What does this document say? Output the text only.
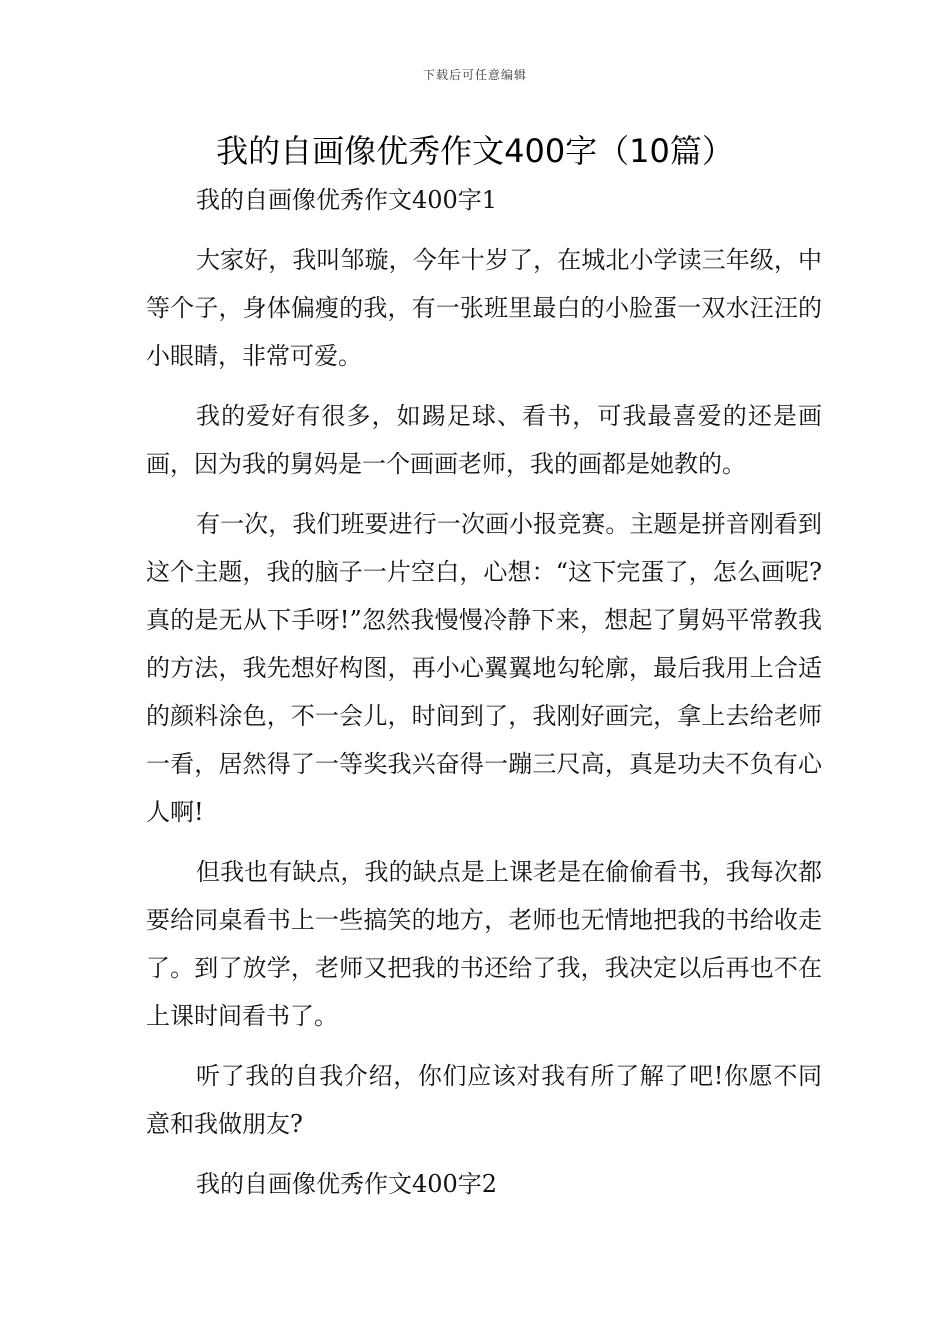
下载后可任意编辑
我的自画像优秀作文400字（10篇）
我的自画像优秀作文400字1

大家好，我叫邹璇，今年十岁了，在城北小学读三年级，中等个子，身体偏瘦的我，有一张班里最白的小脸蛋一双水汪汪的小眼睛，非常可爱。

我的爱好有很多，如踢足球、看书，可我最喜爱的还是画画，因为我的舅妈是一个画画老师，我的画都是她教的。

有一次，我们班要进行一次画小报竞赛。主题是拼音刚看到这个主题，我的脑子一片空白，心想：“这下完蛋了，怎么画呢?真的是无从下手呀!”忽然我慢慢冷静下来，想起了舅妈平常教我的方法，我先想好构图，再小心翼翼地勾轮廓，最后我用上合适的颜料涂色，不一会儿，时间到了，我刚好画完，拿上去给老师一看，居然得了一等奖我兴奋得一蹦三尺高，真是功夫不负有心人啊!

但我也有缺点，我的缺点是上课老是在偷偷看书，我每次都要给同桌看书上一些搞笑的地方，老师也无情地把我的书给收走了。到了放学，老师又把我的书还给了我，我决定以后再也不在上课时间看书了。

听了我的自我介绍，你们应该对我有所了解了吧!你愿不同意和我做朋友?

我的自画像优秀作文400字2
